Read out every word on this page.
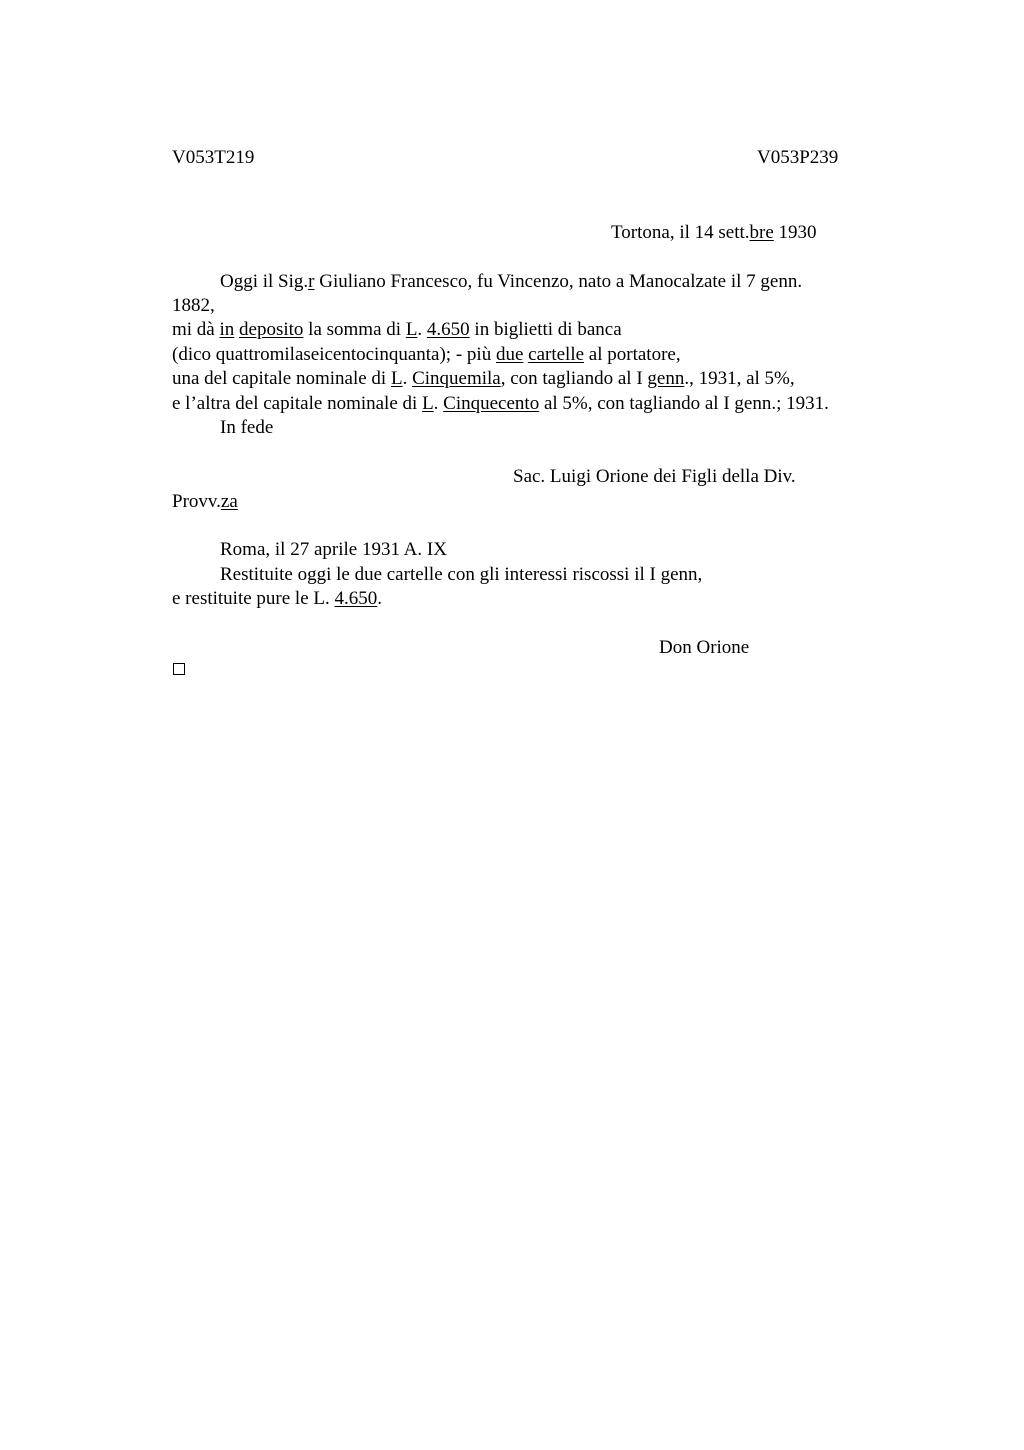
V053T219	V053P239

Tortona, il 14 sett.bre 1930

Oggi il Sig.r Giuliano Francesco, fu Vincenzo, nato a Manocalzate il 7 genn.

1882,

mi dà in deposito la somma di L. 4.650 in biglietti di banca

(dico quattromilaseicentocinquanta); - più due cartelle al portatore,

una del capitale nominale di L. Cinquemila, con tagliando al I genn., 1931, al 5%,

e l’altra del capitale nominale di L. Cinquecento al 5%, con tagliando al I genn.; 1931.

In fede

Sac. Luigi Orione dei Figli della Div.

Provv.za

Roma, il 27 aprile 1931 A. IX

Restituite oggi le due cartelle con gli interessi riscossi il I genn,

e restituite pure le L. 4.650.

Don Orione
